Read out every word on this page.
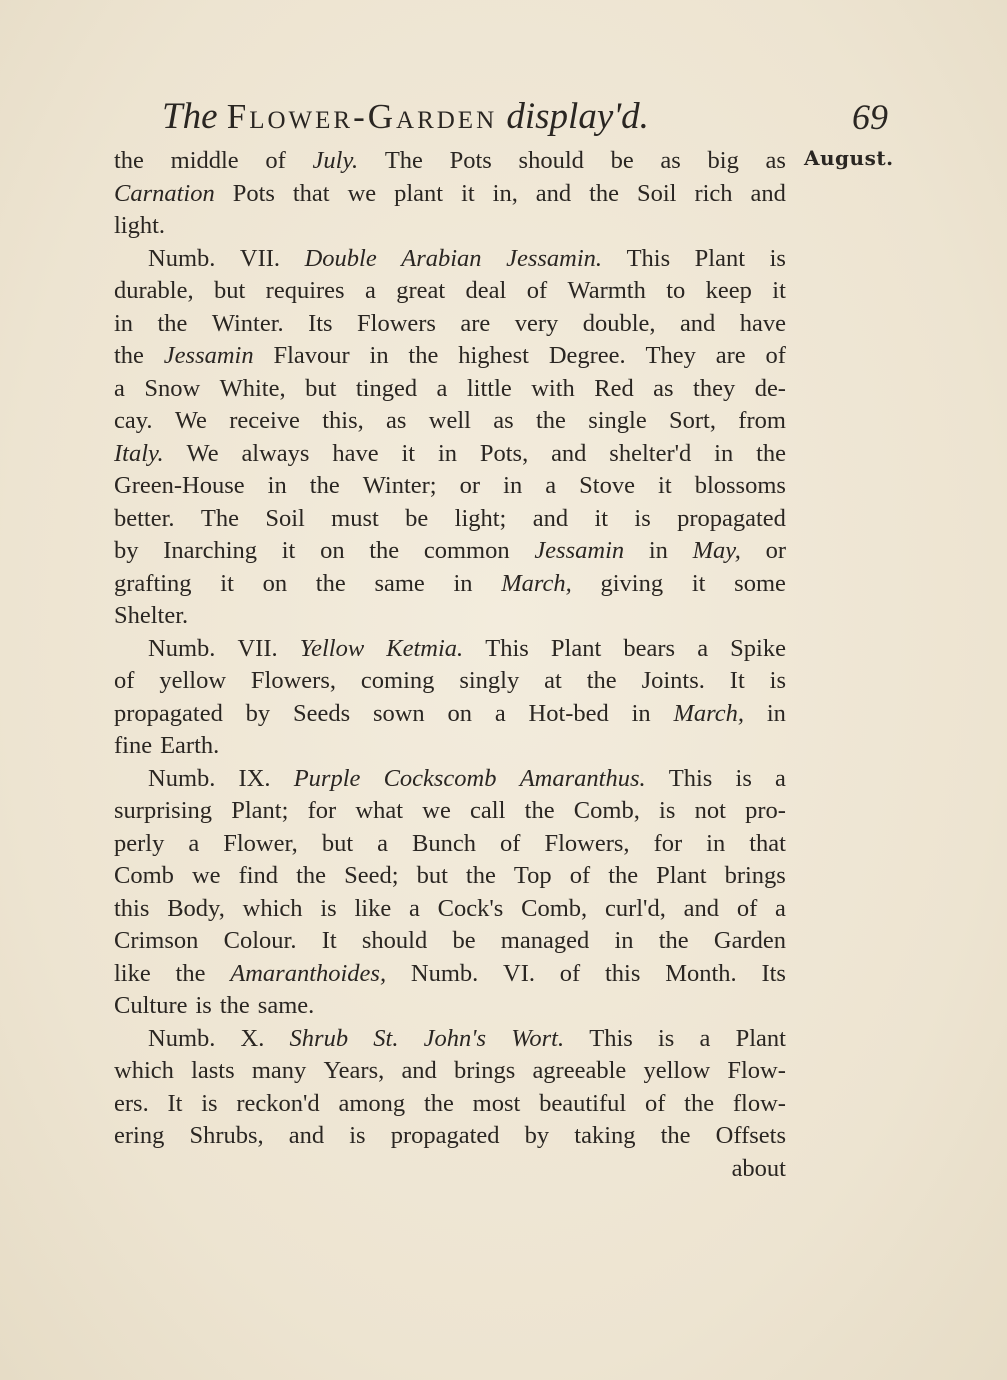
The Flower-Garden display'd.	69
August.
the middle of July. The Pots should be as big as
Carnation Pots that we plant it in, and the Soil rich and
light.
Numb. VII. Double Arabian Jessamin. This Plant is
durable, but requires a great deal of Warmth to keep it
in the Winter. Its Flowers are very double, and have
the Jessamin Flavour in the highest Degree. They are of
a Snow White, but tinged a little with Red as they de-
cay. We receive this, as well as the single Sort, from
Italy. We always have it in Pots, and shelter'd in the
Green-House in the Winter; or in a Stove it blossoms
better. The Soil must be light; and it is propagated
by Inarching it on the common Jessamin in May, or
grafting it on the same in March, giving it some
Shelter.
Numb. VII. Yellow Ketmia. This Plant bears a Spike
of yellow Flowers, coming singly at the Joints. It is
propagated by Seeds sown on a Hot-bed in March, in
fine Earth.
Numb. IX. Purple Cockscomb Amaranthus. This is a
surprising Plant; for what we call the Comb, is not pro-
perly a Flower, but a Bunch of Flowers, for in that
Comb we find the Seed; but the Top of the Plant brings
this Body, which is like a Cock's Comb, curl'd, and of a
Crimson Colour. It should be managed in the Garden
like the Amaranthoides, Numb. VI. of this Month. Its
Culture is the same.
Numb. X. Shrub St. John's Wort. This is a Plant
which lasts many Years, and brings agreeable yellow Flow-
ers. It is reckon'd among the most beautiful of the flow-
ering Shrubs, and is propagated by taking the Offsets
about
